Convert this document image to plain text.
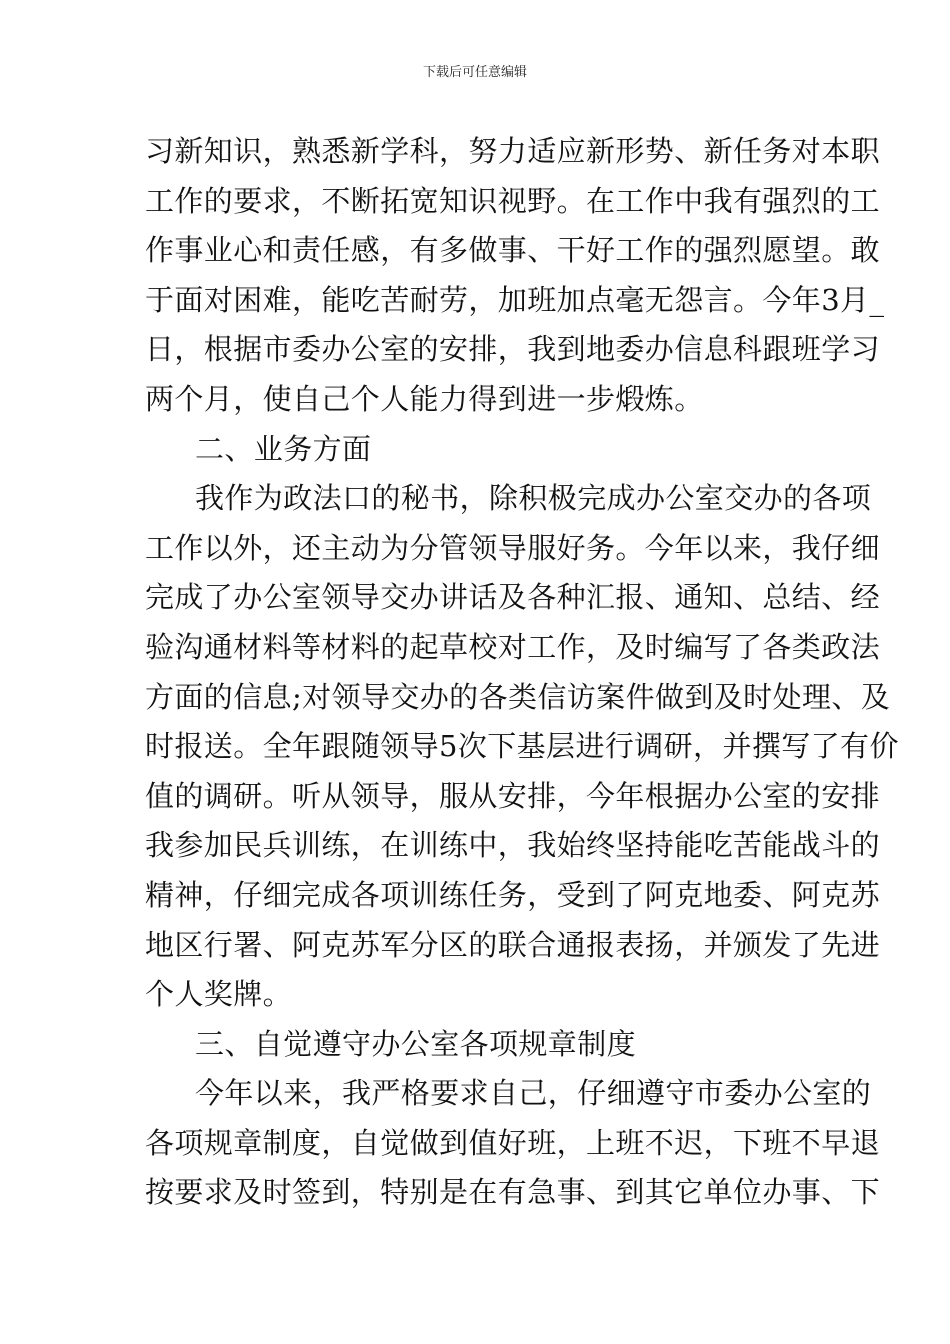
下载后可任意编辑
习新知识，熟悉新学科，努力适应新形势、新任务对本职
工作的要求，不断拓宽知识视野。在工作中我有强烈的工
作事业心和责任感，有多做事、干好工作的强烈愿望。敢
于面对困难，能吃苦耐劳，加班加点毫无怨言。今年3月_
日，根据市委办公室的安排，我到地委办信息科跟班学习
两个月，使自己个人能力得到进一步煅炼。
二、业务方面
我作为政法口的秘书，除积极完成办公室交办的各项
工作以外，还主动为分管领导服好务。今年以来，我仔细
完成了办公室领导交办讲话及各种汇报、通知、总结、经
验沟通材料等材料的起草校对工作，及时编写了各类政法
方面的信息;对领导交办的各类信访案件做到及时处理、及
时报送。全年跟随领导5次下基层进行调研，并撰写了有价
值的调研。听从领导，服从安排，今年根据办公室的安排
我参加民兵训练，在训练中，我始终坚持能吃苦能战斗的
精神，仔细完成各项训练任务，受到了阿克地委、阿克苏
地区行署、阿克苏军分区的联合通报表扬，并颁发了先进
个人奖牌。
三、自觉遵守办公室各项规章制度
今年以来，我严格要求自己，仔细遵守市委办公室的
各项规章制度，自觉做到值好班，上班不迟，下班不早退
按要求及时签到，特别是在有急事、到其它单位办事、下
